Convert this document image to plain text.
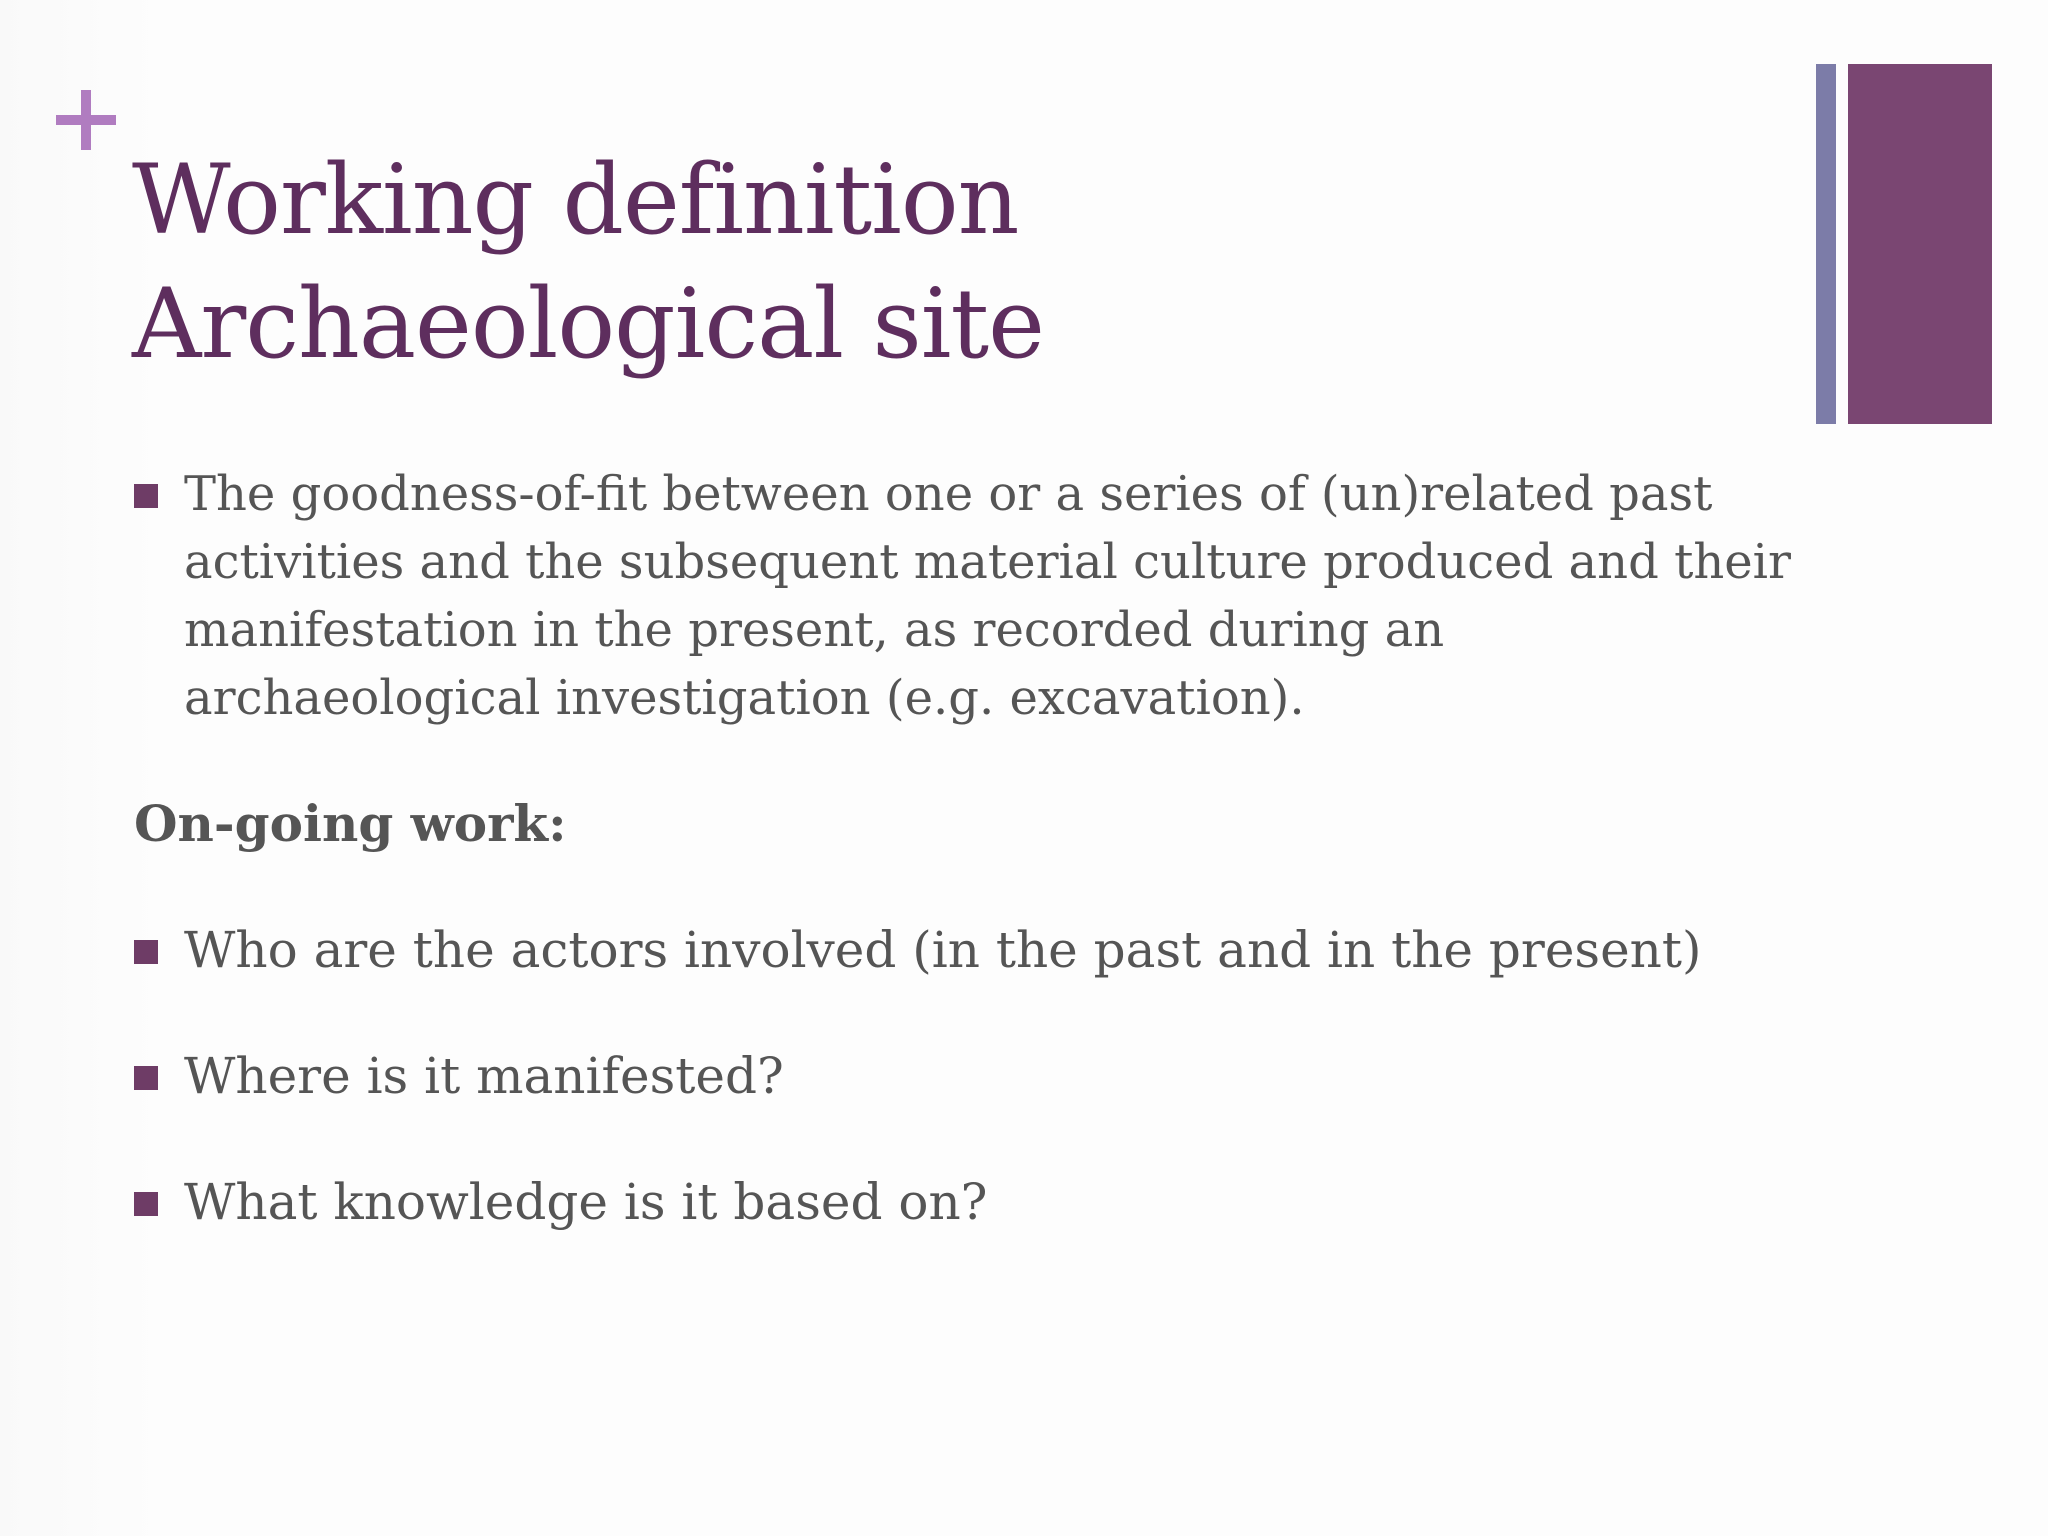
Working definition
Archaeological site
The goodness-of-fit between one or a series of (un)related past activities and the subsequent material culture produced and their manifestation in the present, as recorded during an archaeological investigation (e.g. excavation).
On-going work:
Who are the actors involved (in the past and in the present)
Where is it manifested?
What knowledge is it based on?
